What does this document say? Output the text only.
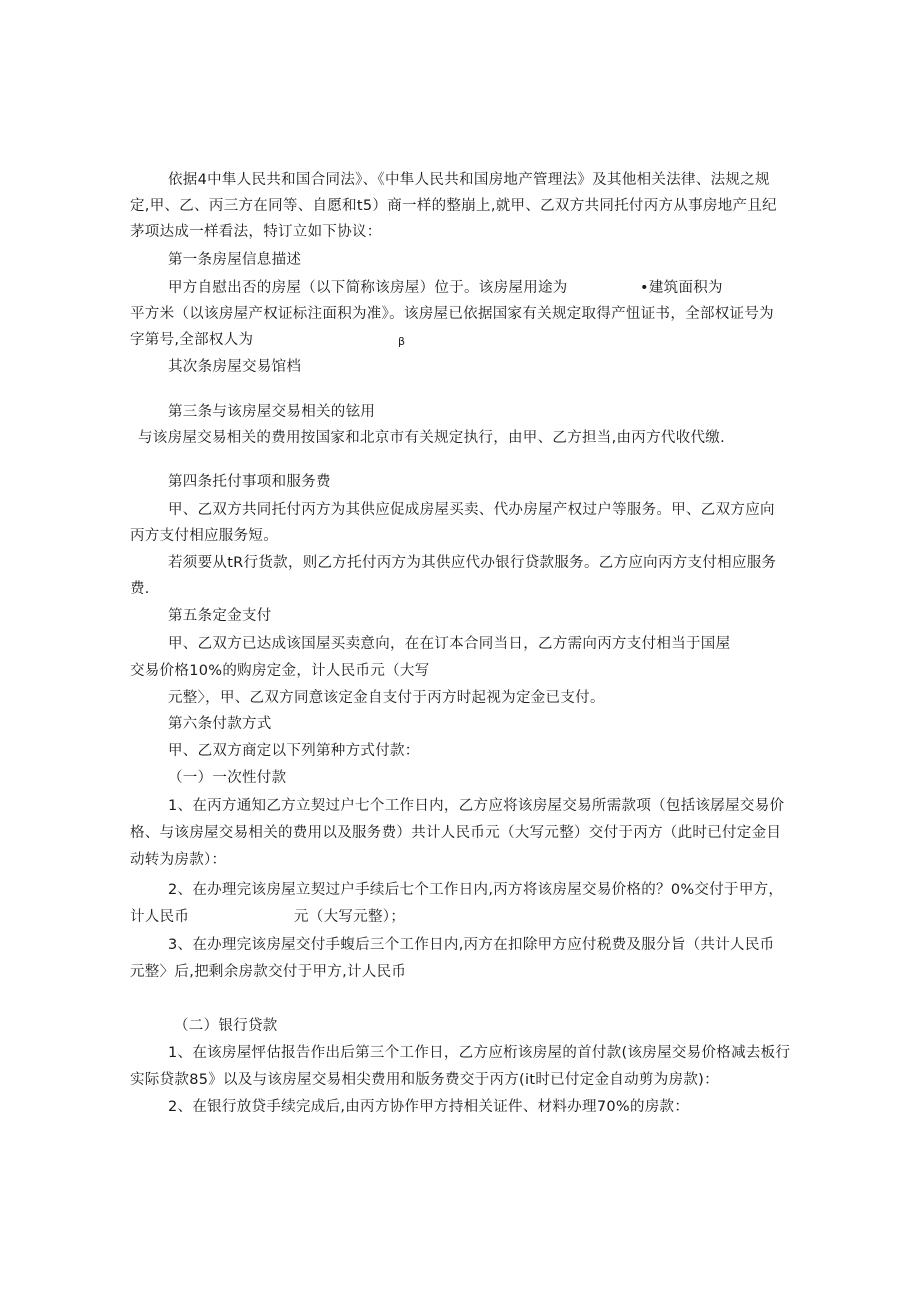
依据4中隼人民共和国合同法》、《中隼人民共和国房地产管理法》及其他相关法律、法规之规
定,甲、乙、丙三方在同等、自愿和t5）商一样的整崩上,就甲、乙双方共同托付丙方从事房地产且纪
茅项达成一样看法，特订立如下协议：
第一条房屋信息描述
甲方自慰出否的房屋（以下简称该房屋）位于。该房屋用途为	•建筑面积为
平方米（以该房屋产权证标注面积为准》。该房屋已依据国家有关规定取得产忸证书，全部权证号为
字第号,全部权人为	β
其次条房屋交易馆档
第三条与该房屋交易相关的铉用
与该房屋交易相关的费用按国家和北京市有关规定执行，由甲、乙方担当,由丙方代收代缴.
第四条托付事项和服务费
甲、乙双方共同托付丙方为其供应促成房屋买卖、代办房屋产权过户等服务。甲、乙双方应向
丙方支付相应服务短。
若须要从tR行货款，则乙方托付丙方为其供应代办银行贷款服务。乙方应向丙方支付相应服务
费.
第五条定金支付
甲、乙双方已达成该国屋买卖意向，在在订本合同当日，乙方需向丙方支付相当于国屋
交易价格10%的购房定金，计人民币元（大写
元整〉，甲、乙双方同意该定金自支付于丙方时起视为定金已支付。
第六条付款方式
甲、乙双方商定以下列第种方式付款：
（一）一次性付款
1、在丙方通知乙方立契过户七个工作日内，乙方应将该房屋交易所需款项（包括该孱屋交易价
格、与该房屋交易相关的费用以及服务费）共计人民币元（大写元整）交付于丙方（此时已付定金目
动转为房款）：
2、在办理完该房屋立契过户手续后七个工作日内,丙方将该房屋交易价格的？0%交付于甲方，
计人民币	元（大写元整）；
3、在办理完该房屋交付手蝮后三个工作日内,丙方在扣除甲方应付税费及服分旨（共计人民币
元整〉后,把剩余房款交付于甲方,计人民币
（二）银行贷款
1、在该房屋怦估报告作出后第三个工作日，乙方应桁该房屋的首付款(该房屋交易价格减去板行
实际贷款85》以及与该房屋交易相尖费用和版务费交于丙方(it时已付定金自动剪为房款)：
2、在银行放贷手续完成后,由丙方协作甲方持相关证件、材料办理70%的房款：
